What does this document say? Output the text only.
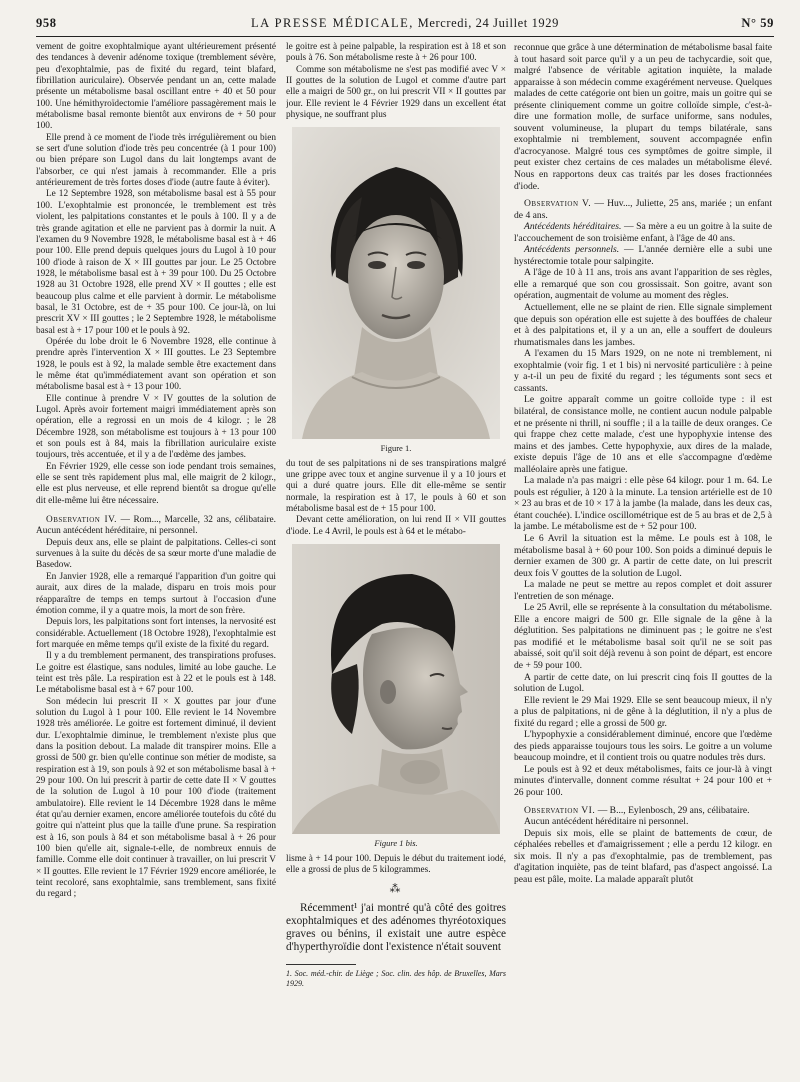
958	LA PRESSE MÉDICALE, Mercredi, 24 Juillet 1929	N° 59

vement de goitre exophtalmique ayant ultérieurement présenté des tendances à devenir adénome toxique (tremblement sévère, peu d'exophtalmie, pas de fixité du regard, teint blafard, fibrillation auriculaire). Observée pendant un an, cette malade présente un métabolisme basal oscillant entre + 40 et 50 pour 100. Une hémithyroïdectomie l'améliore passagèrement mais le métabolisme basal remonte bientôt aux environs de + 50 pour 100.

Elle prend à ce moment de l'iode très irrégulièrement ou bien se sert d'une solution d'iode très peu concentrée (à 1 pour 100) ou bien prépare son Lugol dans du lait longtemps avant de l'absorber, ce qui n'est jamais à recommander. Elle a pris antérieurement de très fortes doses d'iode (autre faute à éviter).

Le 12 Septembre 1928, son métabolisme basal est à 55 pour 100. L'exophtalmie est prononcée, le tremblement est très violent, les palpitations constantes et le pouls à 100. Il y a de très grande agitation et elle ne parvient pas à dormir la nuit. A l'examen du 9 Novembre 1928, le métabolisme basal est à + 46 pour 100. Elle prend depuis quelques jours du Lugol à 10 pour 100 d'iode à raison de X × III gouttes par jour. Le 25 Octobre 1928, le métabolisme basal est à + 39 pour 100. Du 25 Octobre 1928 au 31 Octobre 1928, elle prend XV × II gouttes ; elle est beaucoup plus calme et elle parvient à dormir. Le métabolisme basal, le 31 Octobre, est de + 35 pour 100. Ce jour-là, on lui prescrit XV × III gouttes ; le 2 Septembre 1928, le métabolisme basal est à + 17 pour 100 et le pouls à 92.

Opérée du lobe droit le 6 Novembre 1928, elle continue à prendre après l'intervention X × III gouttes. Le 23 Septembre 1928, le pouls est à 92, la malade semble être exactement dans le même état qu'immédiatement avant son opération et son métabolisme basal est à + 13 pour 100.

Elle continue à prendre V × IV gouttes de la solution de Lugol. Après avoir fortement maigri immédiatement après son opération, elle a regrossi en un mois de 4 kilogr. ; le 28 Décembre 1928, son métabolisme est toujours à + 13 pour 100 et son pouls est à 84, mais la fibrillation auriculaire existe toujours, très accentuée, et il y a de l'œdème des jambes.

En Février 1929, elle cesse son iode pendant trois semaines, elle se sent très rapidement plus mal, elle maigrit de 2 kilogr., elle est plus nerveuse, et elle reprend bientôt sa drogue qu'elle dit elle-même lui être nécessaire.

Observation IV. — Rom..., Marcelle, 32 ans, célibataire. Aucun antécédent héréditaire, ni personnel.

Depuis deux ans, elle se plaint de palpitations. Celles-ci sont survenues à la suite du décès de sa sœur morte d'une maladie de Basedow.

En Janvier 1928, elle a remarqué l'apparition d'un goitre qui aurait, aux dires de la malade, disparu en trois mois pour réapparaître de temps en temps surtout à l'occasion d'une émotion comme, il y a quatre mois, la mort de son frère.

Depuis lors, les palpitations sont fort intenses, la nervosité est considérable. Actuellement (18 Octobre 1928), l'exophtalmie est fort marquée en même temps qu'il existe de la fixité du regard.

Il y a du tremblement permanent, des transpirations profuses. Le goitre est élastique, sans nodules, limité au lobe gauche. Le teint est très pâle. La respiration est à 22 et le pouls est à 148. Le métabolisme basal est à + 67 pour 100.

Son médecin lui prescrit II × X gouttes par jour d'une solution du Lugol à 1 pour 100. Elle revient le 14 Novembre 1928 très améliorée. Le goitre est fortement diminué, il devient dur. L'exophtalmie diminue, le tremblement n'existe plus que dans la position debout. La malade dit transpirer moins. Elle a grossi de 500 gr. bien qu'elle continue son métier de modiste, sa respiration est à 19, son pouls à 92 et son métabolisme basal à + 29 pour 100. On lui prescrit à partir de cette date II × V gouttes de la solution de Lugol à 10 pour 100 d'iode (traitement ambulatoire). Elle revient le 14 Décembre 1928 dans le même état qu'au dernier examen, encore améliorée toutefois du côté du goitre qui n'atteint plus que la taille d'une prune. Sa respiration est à 16, son pouls à 84 et son métabolisme basal à + 26 pour 100 bien qu'elle ait, signale-t-elle, de nombreux ennuis de famille. Comme elle doit continuer à travailler, on lui prescrit V × II gouttes. Elle revient le 17 Février 1929 encore améliorée, le teint recoloré, sans exophtalmie, sans tremblement, sans fixité du regard ;

le goitre est à peine palpable, la respiration est à 18 et son pouls à 76. Son métabolisme reste à + 26 pour 100.

Comme son métabolisme ne s'est pas modifié avec V × II gouttes de la solution de Lugol et comme d'autre part elle a maigri de 500 gr., on lui prescrit VII × II gouttes par jour. Elle revient le 4 Février 1929 dans un excellent état physique, ne souffrant plus

Figure 1.

du tout de ses palpitations ni de ses transpirations malgré une grippe avec toux et angine survenue il y a 10 jours et qui a duré quatre jours. Elle dit elle-même se sentir normale, la respiration est à 17, le pouls à 60 et son métabolisme basal est de + 15 pour 100.

Devant cette amélioration, on lui rend II × VII gouttes d'iode. Le 4 Avril, le pouls est à 64 et le métabo-

Figure 1 bis.

lisme à + 14 pour 100. Depuis le début du traitement iodé, elle a grossi de plus de 5 kilogrammes.

⁂

Récemment¹ j'ai montré qu'à côté des goitres exophtalmiques et des adénomes thyréotoxiques graves ou bénins, il existait une autre espèce d'hyperthyroïdie dont l'existence n'était souvent

1. Soc. méd.-chir. de Liège ; Soc. clin. des hôp. de Bruxelles, Mars 1929.

reconnue que grâce à une détermination de métabolisme basal faite à tout hasard soit parce qu'il y a un peu de tachycardie, soit que, malgré l'absence de véritable agitation inquiète, la malade apparaisse à son médecin comme exagérément nerveuse. Quelques malades de cette catégorie ont bien un goitre, mais un goitre qui se présente cliniquement comme un goitre colloïde simple, c'est-à-dire une formation molle, de surface uniforme, sans nodules, souvent volumineuse, la plupart du temps bilatérale, sans exophtalmie ni tremblement, souvent accompagnée enfin d'acrocyanose. Malgré tous ces symptômes de goitre simple, il peut exister chez certains de ces malades un métabolisme élevé. Nous en rapportons deux cas traités par les doses fractionnées d'iode.

Observation V. — Huv..., Juliette, 25 ans, mariée ; un enfant de 4 ans.

Antécédents héréditaires. — Sa mère a eu un goitre à la suite de l'accouchement de son troisième enfant, à l'âge de 40 ans.

Antécédents personnels. — L'année dernière elle a subi une hystérectomie totale pour salpingite.

A l'âge de 10 à 11 ans, trois ans avant l'apparition de ses règles, elle a remarqué que son cou grossissait. Son goitre, avant son opération, augmentait de volume au moment des règles.

Actuellement, elle ne se plaint de rien. Elle signale simplement que depuis son opération elle est sujette à des bouffées de chaleur et à des palpitations et, il y a un an, elle a souffert de douleurs rhumatismales dans les jambes.

A l'examen du 15 Mars 1929, on ne note ni tremblement, ni exophtalmie (voir fig. 1 et 1 bis) ni nervosité particulière : à peine y a-t-il un peu de fixité du regard ; les téguments sont secs et cassants.

Le goitre apparaît comme un goitre colloïde type : il est bilatéral, de consistance molle, ne contient aucun nodule palpable et ne présente ni thrill, ni souffle ; il a la taille de deux oranges. Ce qui frappe chez cette malade, c'est une hypophyxie intense des mains et des jambes. Cette hypophyxie, aux dires de la malade, existe depuis l'âge de 10 ans et elle s'accompagne d'œdème malléolaire après une fatigue.

La malade n'a pas maigri : elle pèse 64 kilogr. pour 1 m. 64. Le pouls est régulier, à 120 à la minute. La tension artérielle est de 10 × 23 au bras et de 10 × 17 à la jambe (la malade, dans les deux cas, étant couchée). L'indice oscillométrique est de 5 au bras et de 2,5 à la jambe. Le métabolisme est de + 52 pour 100.

Le 6 Avril la situation est la même. Le pouls est à 108, le métabolisme basal à + 60 pour 100. Son poids a diminué depuis le dernier examen de 300 gr. A partir de cette date, on lui prescrit deux fois V gouttes de la solution de Lugol.

La malade ne peut se mettre au repos complet et doit assurer l'entretien de son ménage.

Le 25 Avril, elle se représente à la consultation du métabolisme. Elle a encore maigri de 500 gr. Elle signale de la gêne à la déglutition. Ses palpitations ne diminuent pas ; le goitre ne s'est pas modifié et le métabolisme basal soit qu'il ne se soit pas abaissé, soit qu'il soit déjà revenu à son point de départ, est encore de + 59 pour 100.

A partir de cette date, on lui prescrit cinq fois II gouttes de la solution de Lugol.

Elle revient le 29 Mai 1929. Elle se sent beaucoup mieux, il n'y a plus de palpitations, ni de gêne à la déglutition, il n'y a plus de fixité du regard ; elle a grossi de 500 gr.

L'hypophyxie a considérablement diminué, encore que l'œdème des pieds apparaisse toujours tous les soirs. Le goitre a un volume beaucoup moindre, et il contient trois ou quatre nodules très durs.

Le pouls est à 92 et deux métabolismes, faits ce jour-là à vingt minutes d'intervalle, donnent comme résultat + 24 pour 100 et + 26 pour 100.

Observation VI. — B..., Eylenbosch, 29 ans, célibataire.

Aucun antécédent héréditaire ni personnel.

Depuis six mois, elle se plaint de battements de cœur, de céphalées rebelles et d'amaigrissement ; elle a perdu 12 kilogr. en six mois. Il n'y a pas d'exophtalmie, pas de tremblement, pas d'agitation inquiète, pas de teint blafard, pas d'aspect angoissé. La peau est pâle, moite. La malade apparaît plutôt
